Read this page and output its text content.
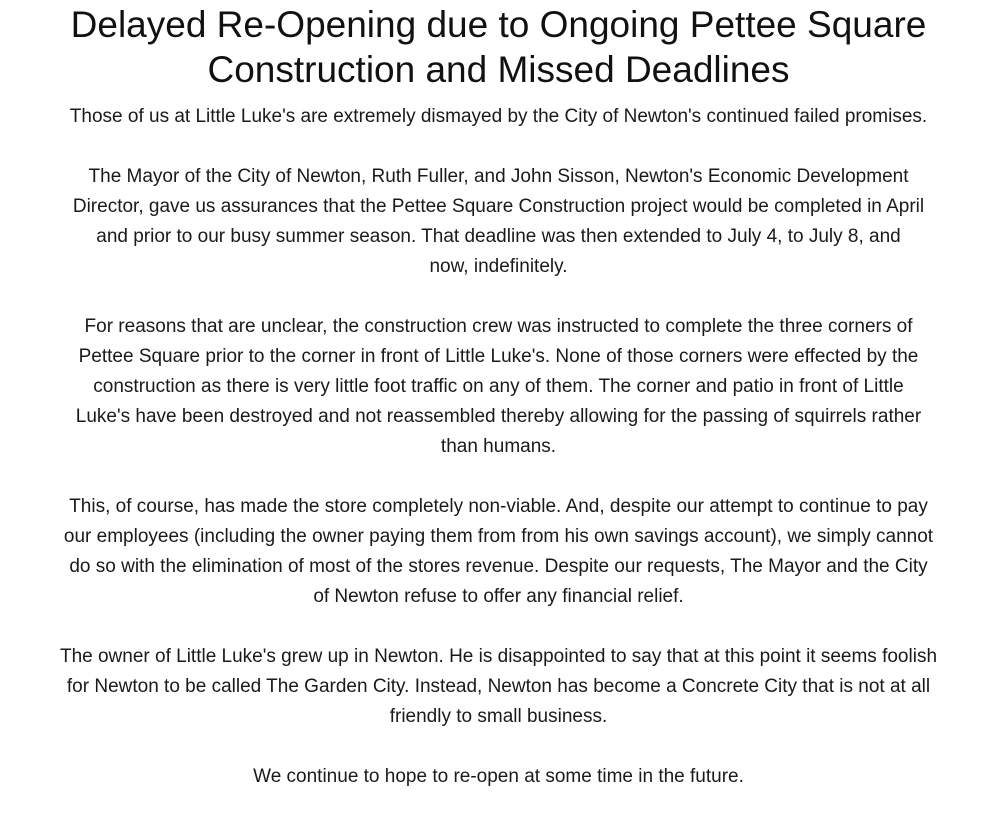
Delayed Re-Opening due to Ongoing Pettee Square
Construction and Missed Deadlines

Those of us at Little Luke's are extremely dismayed by the City of Newton's continued failed promises.

The Mayor of the City of Newton, Ruth Fuller, and John Sisson, Newton's Economic Development
Director, gave us assurances that the Pettee Square Construction project would be completed in April
and prior to our busy summer season. That deadline was then extended to July 4, to July 8, and
now, indefinitely.

For reasons that are unclear, the construction crew was instructed to complete the three corners of
Pettee Square prior to the corner in front of Little Luke's. None of those corners were effected by the
construction as there is very little foot traffic on any of them. The corner and patio in front of Little
Luke's have been destroyed and not reassembled thereby allowing for the passing of squirrels rather
than humans.

This, of course, has made the store completely non-viable. And, despite our attempt to continue to pay
our employees (including the owner paying them from from his own savings account), we simply cannot
do so with the elimination of most of the stores revenue. Despite our requests, The Mayor and the City
of Newton refuse to offer any financial relief.

The owner of Little Luke's grew up in Newton. He is disappointed to say that at this point it seems foolish
for Newton to be called The Garden City. Instead, Newton has become a Concrete City that is not at all
friendly to small business.

We continue to hope to re-open at some time in the future.
